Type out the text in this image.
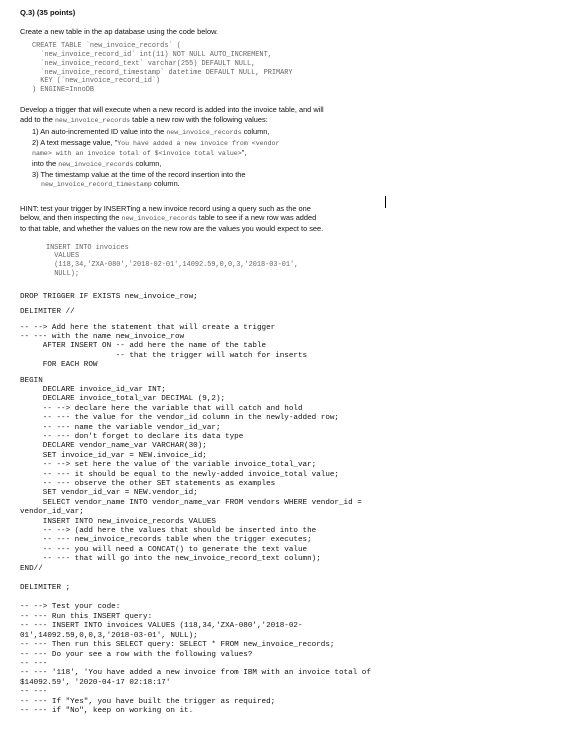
Q.3) (35 points)
Create a new table in the ap database using the code below.
CREATE TABLE `new_invoice_records` (
`new_invoice_record_id` int(11) NOT NULL AUTO_INCREMENT,
`new_invoice_record_text` varchar(255) DEFAULT NULL,
`new_invoice_record_timestamp` datetime DEFAULT NULL, PRIMARY
KEY (`new_invoice_record_id`)
) ENGINE=InnoDB
Develop a trigger that will execute when a new record is added into the invoice table, and will
add to the new_invoice_records table a new row with the following values:
1) An auto-incremented ID value into the new_invoice_records column,
2) A text message value, "You have added a new invoice from <vendor
name> with an invoice total of $<invoice total value>",
into the new_invoice_records column,
3) The timestamp value at the time of the record insertion into the
new_invoice_record_timestamp column.
HINT: test your trigger by INSERTing a new invoice record using a query such as the one
below, and then inspecting the new_invoice_records table to see if a new row was added
to that table, and whether the values on the new row are the values you would expect to see.
INSERT INTO invoices
VALUES
(118,34,'ZXA-080','2018-02-01',14092.59,0,0,3,'2018-03-01',
NULL);
DROP TRIGGER IF EXISTS new_invoice_row;
DELIMITER //
-- --> Add here the statement that will create a trigger
-- --- with the name new_invoice_row
AFTER INSERT ON -- add here the name of the table
-- that the trigger will watch for inserts
FOR EACH ROW
BEGIN
DECLARE invoice_id_var INT;
DECLARE invoice_total_var DECIMAL (9,2);
-- --> declare here the variable that will catch and hold
-- --- the value for the vendor_id column in the newly-added row;
-- --- name the variable vendor_id_var;
-- --- don't forget to declare its data type
DECLARE vendor_name_var VARCHAR(30);
SET invoice_id_var = NEW.invoice_id;
-- --> set here the value of the variable invoice_total_var;
-- --- it should be equal to the newly-added invoice_total value;
-- --- observe the other SET statements as examples
SET vendor_id_var = NEW.vendor_id;
SELECT vendor_name INTO vendor_name_var FROM vendors WHERE vendor_id =
vendor_id_var;
INSERT INTO new_invoice_records VALUES
-- --> (add here the values that should be inserted into the
-- --- new_invoice_records table when the trigger executes;
-- --- you will need a CONCAT() to generate the text value
-- --- that will go into the new_invoice_record_text column);
END//
DELIMITER ;
-- --> Test your code:
-- --- Run this INSERT query:
-- --- INSERT INTO invoices VALUES (118,34,'ZXA-080','2018-02-
01',14092.59,0,0,3,'2018-03-01', NULL);
-- --- Then run this SELECT query: SELECT * FROM new_invoice_records;
-- --- Do your see a row with the following values?
-- ---
-- --- '118', 'You have added a new invoice from IBM with an invoice total of
$14092.59', '2020-04-17 02:18:17'
-- ---
-- --- If "Yes", you have built the trigger as required;
-- --- if "No", keep on working on it.
